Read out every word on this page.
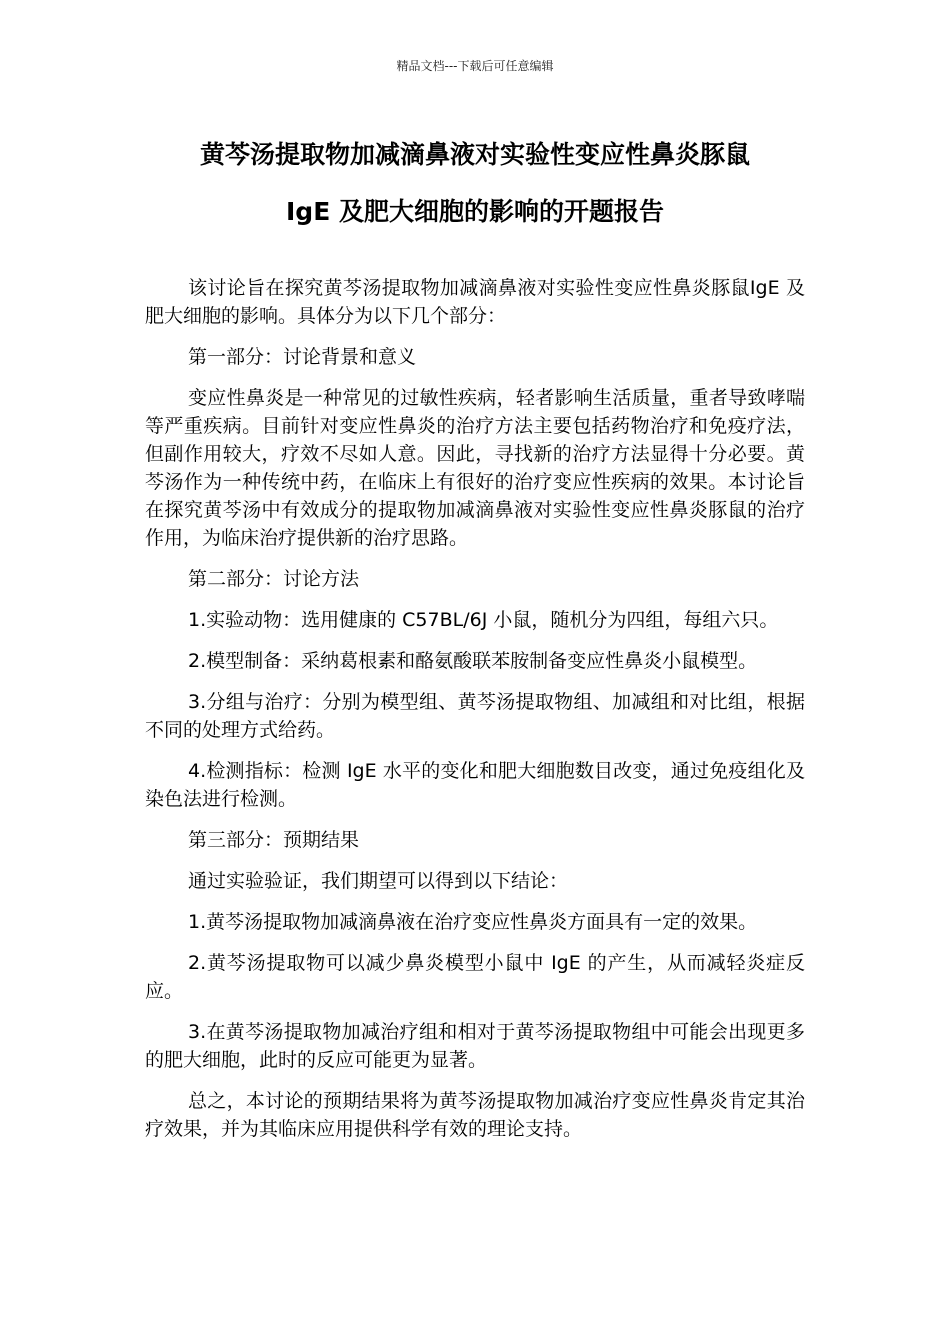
精品文档---下载后可任意编辑
黄芩汤提取物加减滴鼻液对实验性变应性鼻炎豚鼠
IgE 及肥大细胞的影响的开题报告

该讨论旨在探究黄芩汤提取物加减滴鼻液对实验性变应性鼻炎豚鼠IgE 及肥大细胞的影响。具体分为以下几个部分：

第一部分：讨论背景和意义

变应性鼻炎是一种常见的过敏性疾病，轻者影响生活质量，重者导致哮喘等严重疾病。目前针对变应性鼻炎的治疗方法主要包括药物治疗和免疫疗法，但副作用较大，疗效不尽如人意。因此，寻找新的治疗方法显得十分必要。黄芩汤作为一种传统中药，在临床上有很好的治疗变应性疾病的效果。本讨论旨在探究黄芩汤中有效成分的提取物加减滴鼻液对实验性变应性鼻炎豚鼠的治疗作用，为临床治疗提供新的治疗思路。

第二部分：讨论方法

1.实验动物：选用健康的 C57BL/6J 小鼠，随机分为四组，每组六只。

2.模型制备：采纳葛根素和酪氨酸联苯胺制备变应性鼻炎小鼠模型。

3.分组与治疗：分别为模型组、黄芩汤提取物组、加减组和对比组，根据不同的处理方式给药。

4.检测指标：检测 IgE 水平的变化和肥大细胞数目改变，通过免疫组化及染色法进行检测。

第三部分：预期结果

通过实验验证，我们期望可以得到以下结论：

1.黄芩汤提取物加减滴鼻液在治疗变应性鼻炎方面具有一定的效果。

2.黄芩汤提取物可以减少鼻炎模型小鼠中 IgE 的产生，从而减轻炎症反应。

3.在黄芩汤提取物加减治疗组和相对于黄芩汤提取物组中可能会出现更多的肥大细胞，此时的反应可能更为显著。

总之，本讨论的预期结果将为黄芩汤提取物加减治疗变应性鼻炎肯定其治疗效果，并为其临床应用提供科学有效的理论支持。
